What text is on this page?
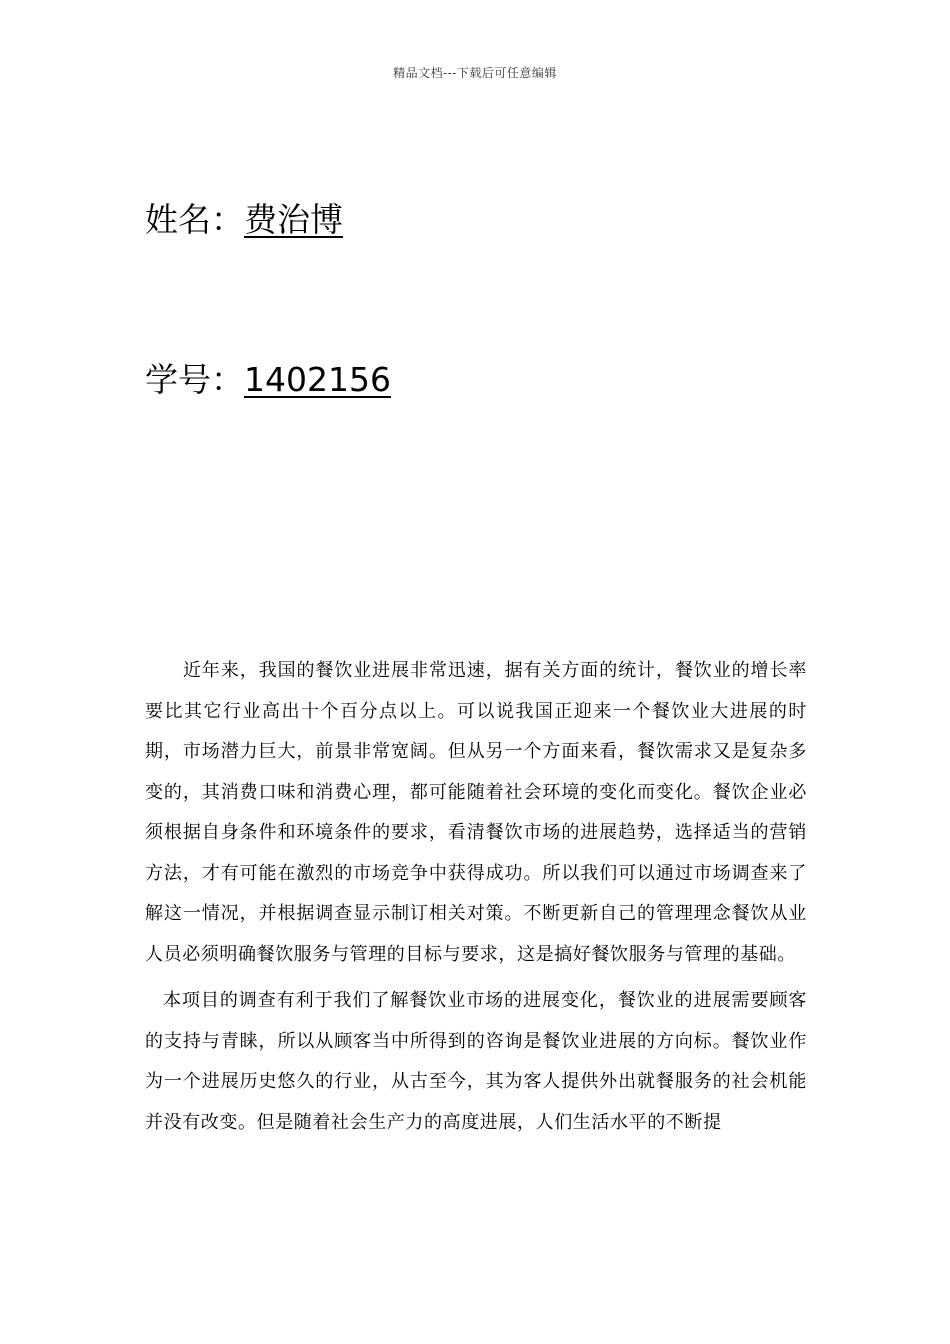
精品文档---下载后可任意编辑
姓名：费治博
学号：1402156

近年来，我国的餐饮业进展非常迅速，据有关方面的统计，餐饮业的增长率要比其它行业高出十个百分点以上。可以说我国正迎来一个餐饮业大进展的时期，市场潜力巨大，前景非常宽阔。但从另一个方面来看，餐饮需求又是复杂多变的，其消费口味和消费心理，都可能随着社会环境的变化而变化。餐饮企业必须根据自身条件和环境条件的要求，看清餐饮市场的进展趋势，选择适当的营销方法，才有可能在激烈的市场竞争中获得成功。所以我们可以通过市场调查来了解这一情况，并根据调查显示制订相关对策。不断更新自己的管理理念餐饮从业人员必须明确餐饮服务与管理的目标与要求，这是搞好餐饮服务与管理的基础。

本项目的调查有利于我们了解餐饮业市场的进展变化，餐饮业的进展需要顾客的支持与青睐，所以从顾客当中所得到的咨询是餐饮业进展的方向标。餐饮业作为一个进展历史悠久的行业，从古至今，其为客人提供外出就餐服务的社会机能并没有改变。但是随着社会生产力的高度进展，人们生活水平的不断提
